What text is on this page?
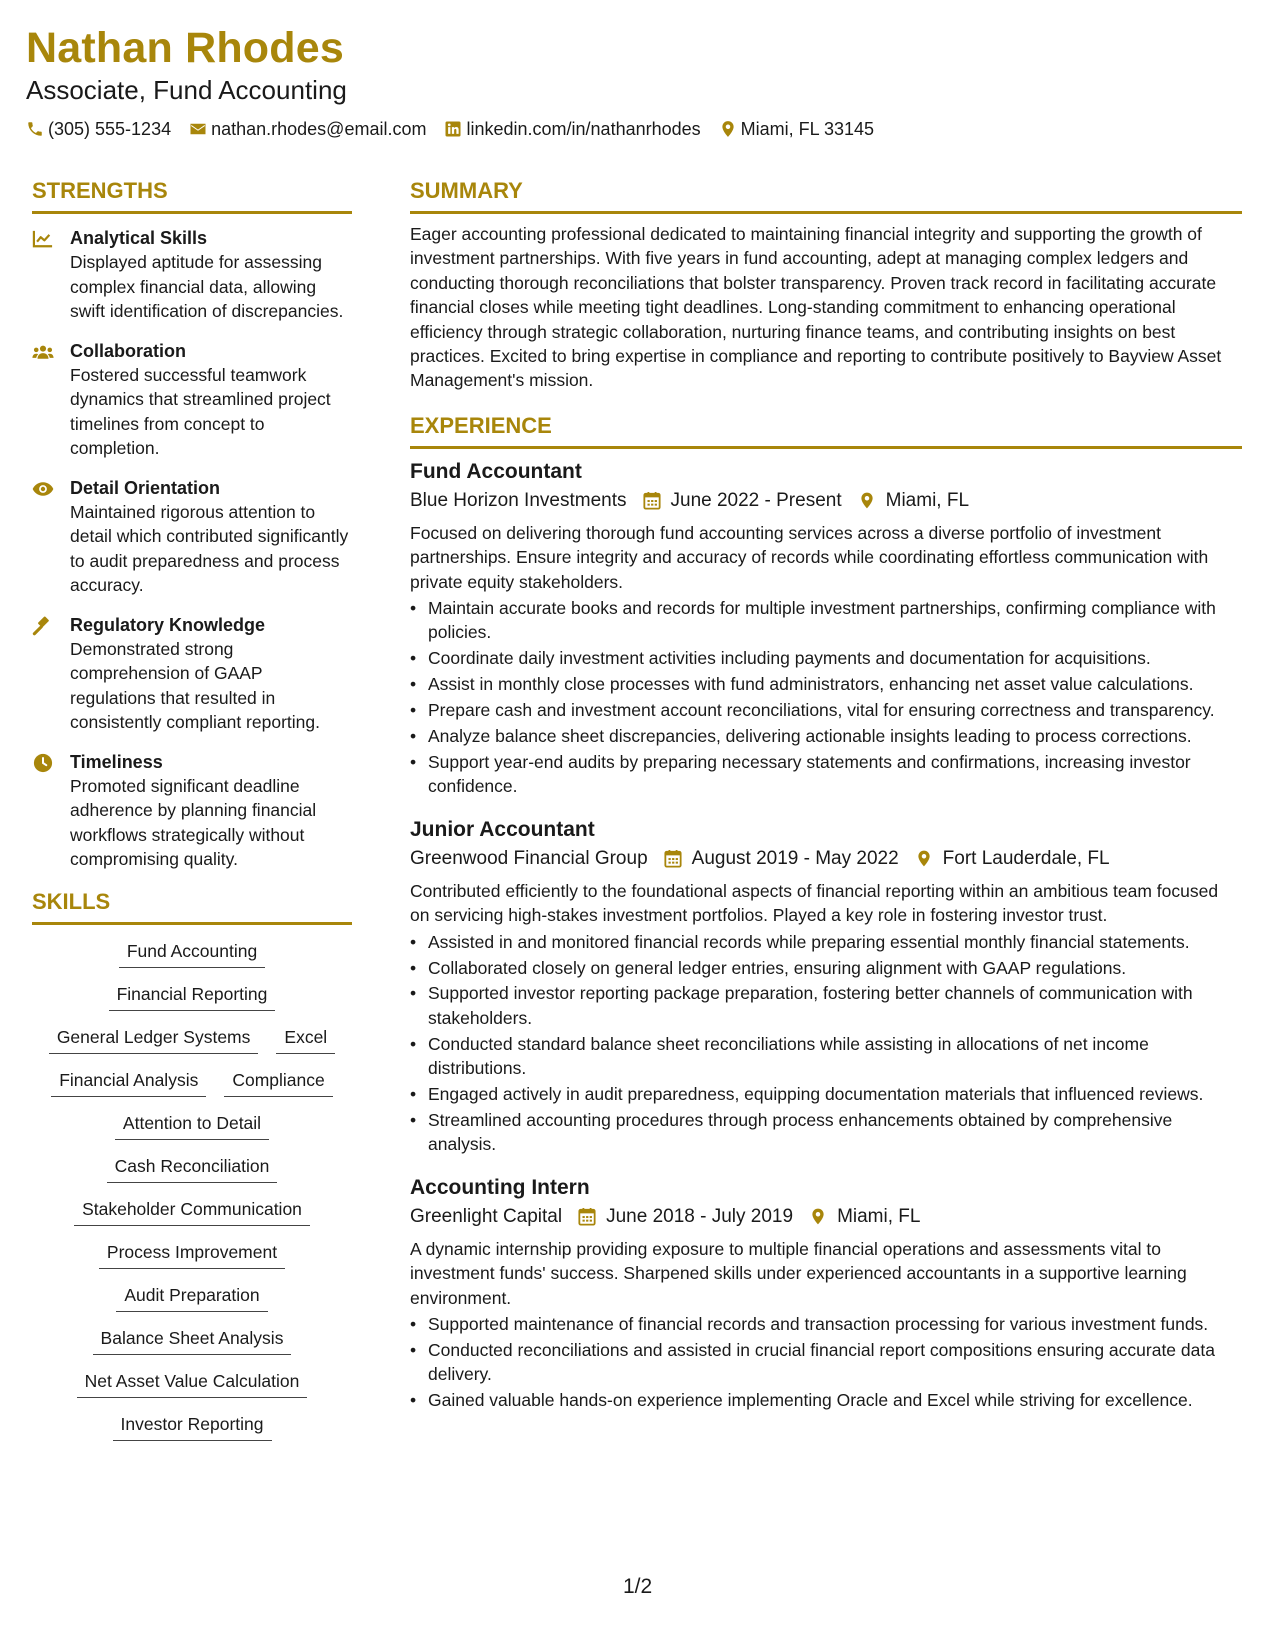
Nathan Rhodes
Associate, Fund Accounting
(305) 555-1234 nathan.rhodes@email.com linkedin.com/in/nathanrhodes Miami, FL 33145
STRENGTHS
Analytical Skills
Displayed aptitude for assessing complex financial data, allowing swift identification of discrepancies.
Collaboration
Fostered successful teamwork dynamics that streamlined project timelines from concept to completion.
Detail Orientation
Maintained rigorous attention to detail which contributed significantly to audit preparedness and process accuracy.
Regulatory Knowledge
Demonstrated strong comprehension of GAAP regulations that resulted in consistently compliant reporting.
Timeliness
Promoted significant deadline adherence by planning financial workflows strategically without compromising quality.
SKILLS
Fund Accounting
Financial Reporting
General Ledger Systems	Excel
Financial Analysis	Compliance
Attention to Detail
Cash Reconciliation
Stakeholder Communication
Process Improvement
Audit Preparation
Balance Sheet Analysis
Net Asset Value Calculation
Investor Reporting
SUMMARY
Eager accounting professional dedicated to maintaining financial integrity and supporting the growth of investment partnerships. With five years in fund accounting, adept at managing complex ledgers and conducting thorough reconciliations that bolster transparency. Proven track record in facilitating accurate financial closes while meeting tight deadlines. Long-standing commitment to enhancing operational efficiency through strategic collaboration, nurturing finance teams, and contributing insights on best practices. Excited to bring expertise in compliance and reporting to contribute positively to Bayview Asset Management's mission.
EXPERIENCE
Fund Accountant
Blue Horizon Investments June 2022 - Present Miami, FL
Focused on delivering thorough fund accounting services across a diverse portfolio of investment partnerships. Ensure integrity and accuracy of records while coordinating effortless communication with private equity stakeholders.
• Maintain accurate books and records for multiple investment partnerships, confirming compliance with policies.
• Coordinate daily investment activities including payments and documentation for acquisitions.
• Assist in monthly close processes with fund administrators, enhancing net asset value calculations.
• Prepare cash and investment account reconciliations, vital for ensuring correctness and transparency.
• Analyze balance sheet discrepancies, delivering actionable insights leading to process corrections.
• Support year-end audits by preparing necessary statements and confirmations, increasing investor confidence.
Junior Accountant
Greenwood Financial Group August 2019 - May 2022 Fort Lauderdale, FL
Contributed efficiently to the foundational aspects of financial reporting within an ambitious team focused on servicing high-stakes investment portfolios. Played a key role in fostering investor trust.
• Assisted in and monitored financial records while preparing essential monthly financial statements.
• Collaborated closely on general ledger entries, ensuring alignment with GAAP regulations.
• Supported investor reporting package preparation, fostering better channels of communication with stakeholders.
• Conducted standard balance sheet reconciliations while assisting in allocations of net income distributions.
• Engaged actively in audit preparedness, equipping documentation materials that influenced reviews.
• Streamlined accounting procedures through process enhancements obtained by comprehensive analysis.
Accounting Intern
Greenlight Capital June 2018 - July 2019 Miami, FL
A dynamic internship providing exposure to multiple financial operations and assessments vital to investment funds' success. Sharpened skills under experienced accountants in a supportive learning environment.
• Supported maintenance of financial records and transaction processing for various investment funds.
• Conducted reconciliations and assisted in crucial financial report compositions ensuring accurate data delivery.
• Gained valuable hands-on experience implementing Oracle and Excel while striving for excellence.
1/2
